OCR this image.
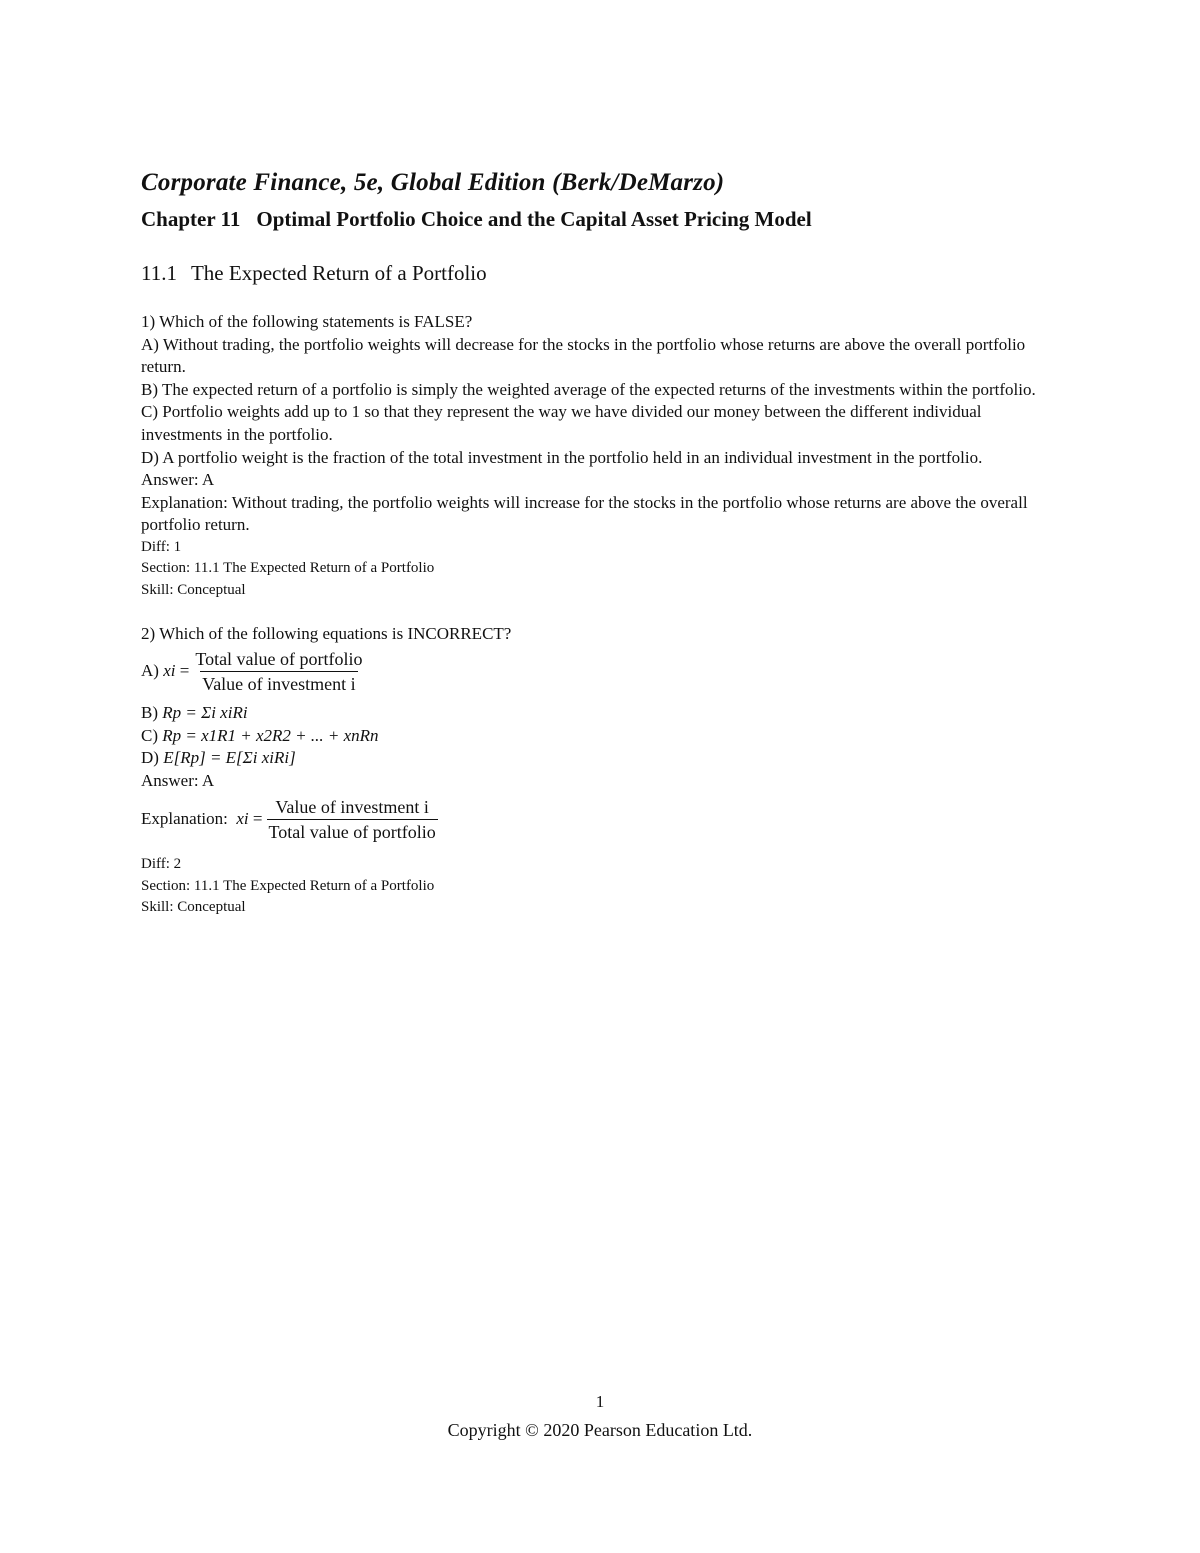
Corporate Finance, 5e, Global Edition (Berk/DeMarzo)

Chapter 11 Optimal Portfolio Choice and the Capital Asset Pricing Model

11.1 The Expected Return of a Portfolio

1) Which of the following statements is FALSE?

A) Without trading, the portfolio weights will decrease for the stocks in the portfolio whose returns are above the overall portfolio return.

B) The expected return of a portfolio is simply the weighted average of the expected returns of the investments within the portfolio.

C) Portfolio weights add up to 1 so that they represent the way we have divided our money between the different individual investments in the portfolio.

D) A portfolio weight is the fraction of the total investment in the portfolio held in an individual investment in the portfolio.

Answer: A

Explanation: Without trading, the portfolio weights will increase for the stocks in the portfolio whose returns are above the overall portfolio return.

Diff: 1

Section: 11.1 The Expected Return of a Portfolio

Skill: Conceptual

2) Which of the following equations is INCORRECT?

A) xi = $\frac{\text{Total value of portfolio}}{\text{Value of investment i}}$

B) Rp = Σi xiRi

C) Rp = x1R1 + x2R2 + ... + xnRn

D) E[Rp] = E[Σi xiRi]

Answer: A

Explanation: xi = $\frac{\text{Value of investment i}}{\text{Total value of portfolio}}$

Diff: 2

Section: 11.1 The Expected Return of a Portfolio

Skill: Conceptual

1
Copyright © 2020 Pearson Education Ltd.
